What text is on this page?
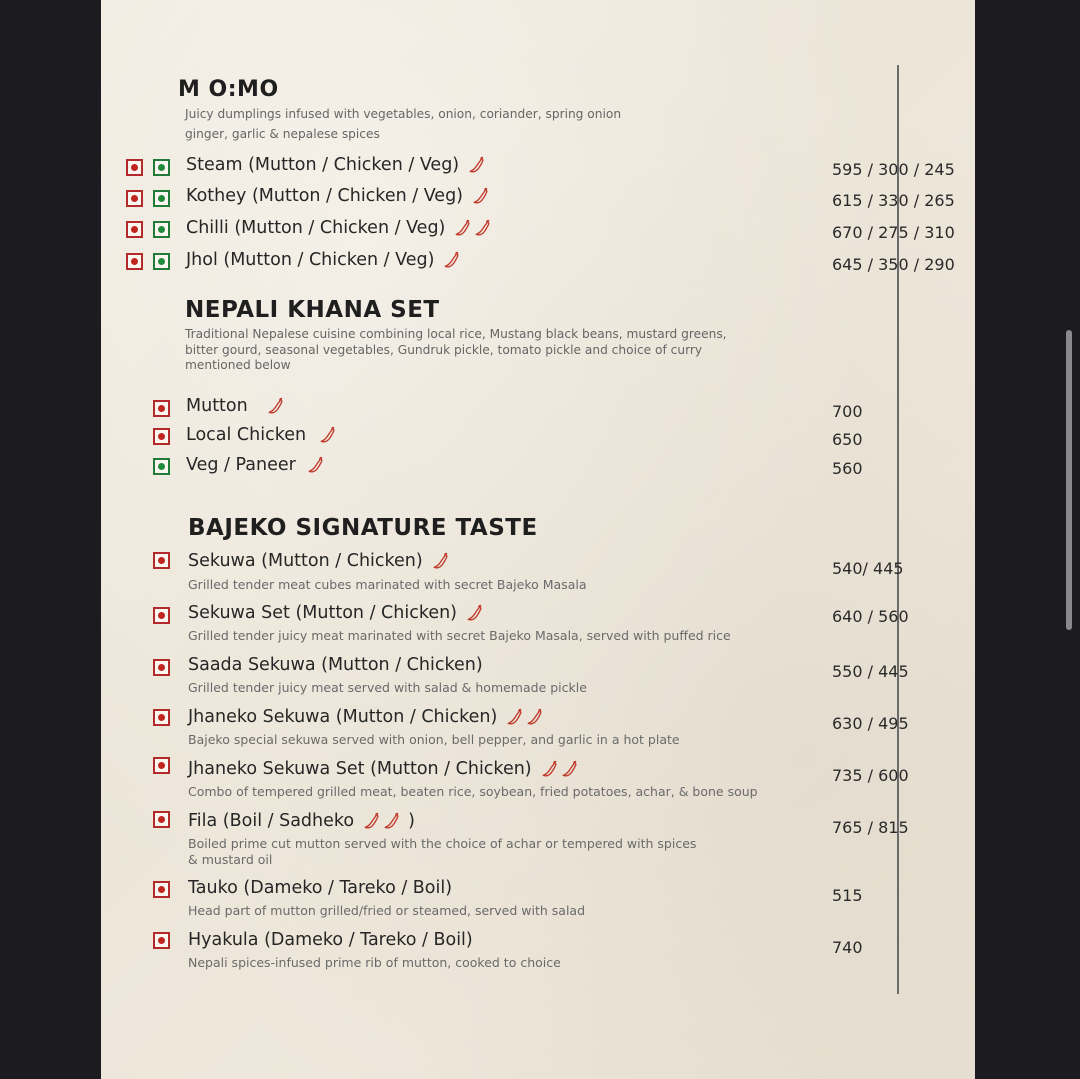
M O:MO
Juicy dumplings infused with vegetables, onion, coriander, spring onion
ginger, garlic & nepalese spices
Steam (Mutton / Chicken / Veg)	595 / 300 / 245
Kothey (Mutton / Chicken / Veg)	615 / 330 / 265
Chilli (Mutton / Chicken / Veg)	670 / 275 / 310
Jhol (Mutton / Chicken / Veg)	645 / 350 / 290
NEPALI KHANA SET
Traditional Nepalese cuisine combining local rice, Mustang black beans, mustard greens,
bitter gourd, seasonal vegetables, Gundruk pickle, tomato pickle and choice of curry
mentioned below
Mutton	700
Local Chicken	650
Veg / Paneer	560
BAJEKO SIGNATURE TASTE
Sekuwa (Mutton / Chicken)
Grilled tender meat cubes marinated with secret Bajeko Masala
540/ 445
Sekuwa Set (Mutton / Chicken)
Grilled tender juicy meat marinated with secret Bajeko Masala, served with puffed rice
640 / 560
Saada Sekuwa (Mutton / Chicken)
Grilled tender juicy meat served with salad & homemade pickle
550 / 445
Jhaneko Sekuwa (Mutton / Chicken)
Bajeko special sekuwa served with onion, bell pepper, and garlic in a hot plate
630 / 495
Jhaneko Sekuwa Set (Mutton / Chicken)
Combo of tempered grilled meat, beaten rice, soybean, fried potatoes, achar, & bone soup
735 / 600
Fila (Boil / Sadheko	)
Boiled prime cut mutton served with the choice of achar or tempered with spices
& mustard oil
765 / 815
Tauko (Dameko / Tareko / Boil)
Head part of mutton grilled/fried or steamed, served with salad
515
Hyakula (Dameko / Tareko / Boil)
Nepali spices-infused prime rib of mutton, cooked to choice
740
